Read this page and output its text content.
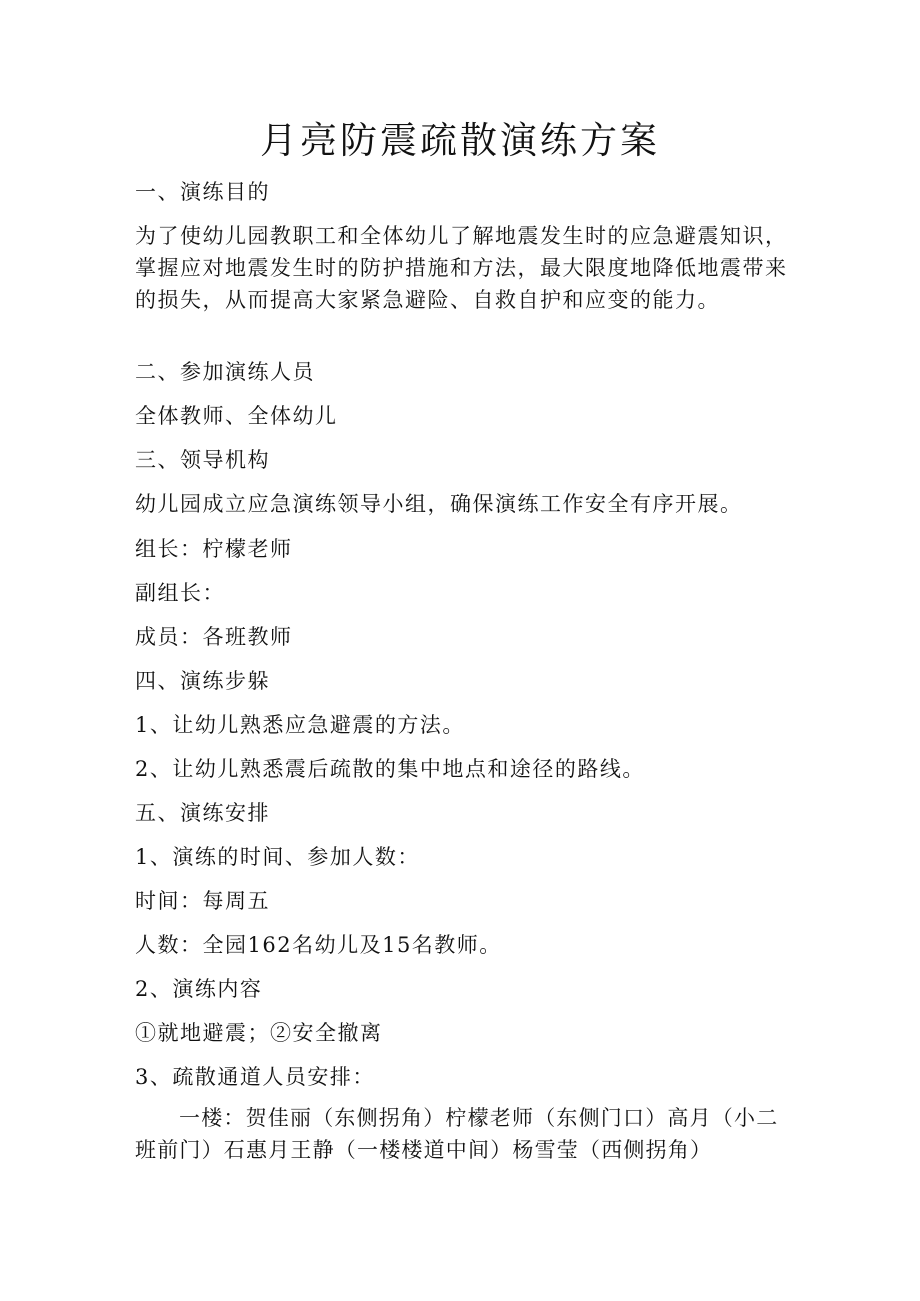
月亮防震疏散演练方案

一、演练目的

为了使幼儿园教职工和全体幼儿了解地震发生时的应急避震知识，掌握应对地震发生时的防护措施和方法，最大限度地降低地震带来的损失，从而提高大家紧急避险、自救自护和应变的能力。

二、参加演练人员

全体教师、全体幼儿

三、领导机构

幼儿园成立应急演练领导小组，确保演练工作安全有序开展。

组长：柠檬老师

副组长：

成员：各班教师

四、演练步躲

1、让幼儿熟悉应急避震的方法。

2、让幼儿熟悉震后疏散的集中地点和途径的路线。

五、演练安排

1、演练的时间、参加人数：

时间：每周五

人数：全园162名幼儿及15名教师。

2、演练内容

①就地避震；②安全撤离

3、疏散通道人员安排：

一楼：贺佳丽（东侧拐角）柠檬老师（东侧门口）高月（小二班前门）石惠月王静（一楼楼道中间）杨雪莹（西侧拐角）
